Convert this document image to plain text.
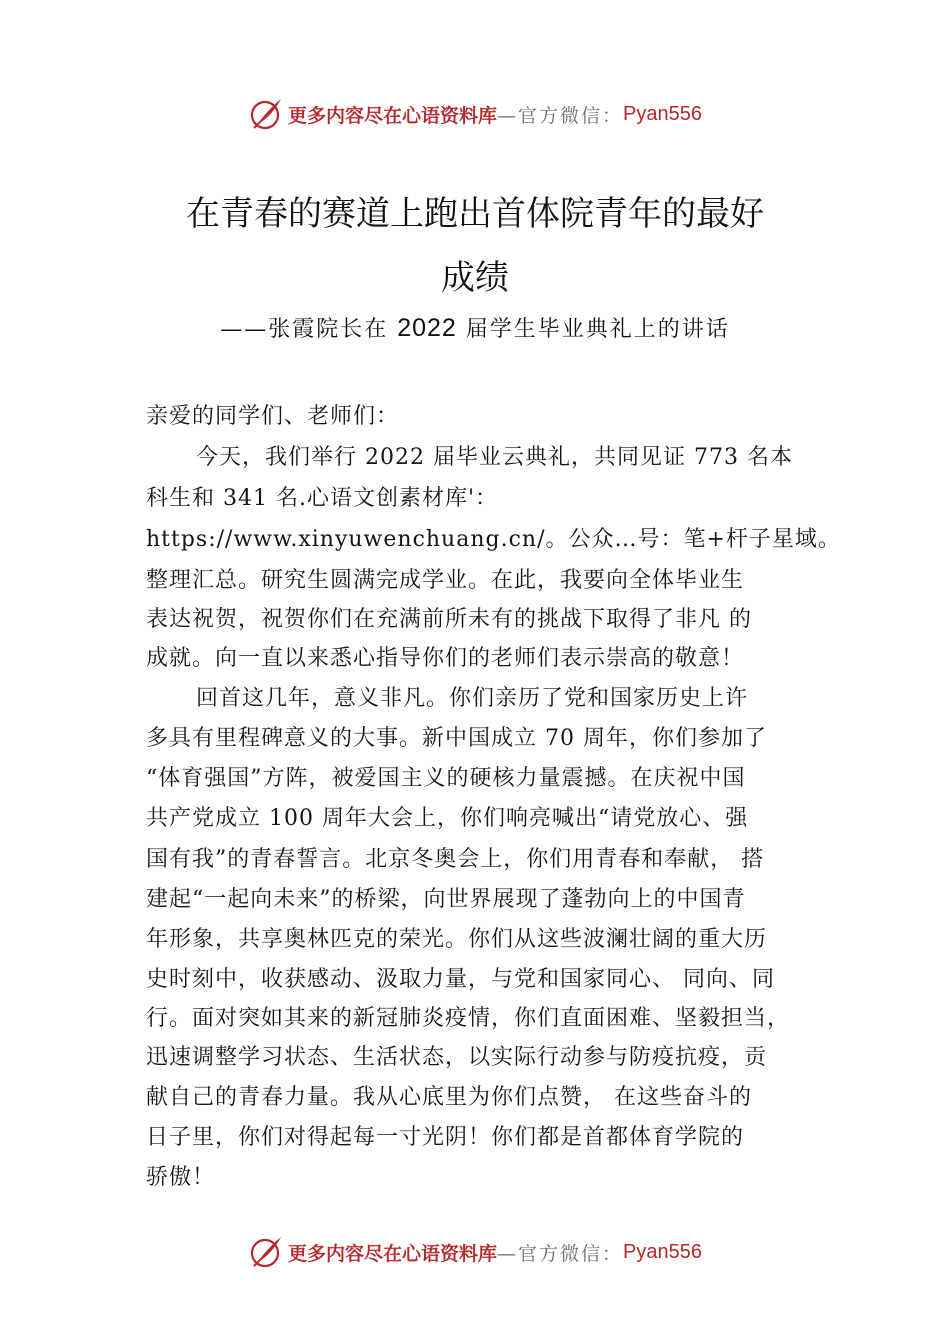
更多内容尽在心语资料库 —官方微信： Pyan556
在青春的赛道上跑出首体院青年的最好
成绩
——张霞院长在 2022 届学生毕业典礼上的讲话
亲爱的同学们、老师们：
今天，我们举行 2022 届毕业云典礼，共同见证 773 名本
科生和 341 名.心语文创素材库'：
https://www.xinyuwenchuang.cn/。公众…号：笔+杆子星域。
整理汇总。研究生圆满完成学业。在此，我要向全体毕业生
表达祝贺，祝贺你们在充满前所未有的挑战下取得了非凡 的
成就。向一直以来悉心指导你们的老师们表示崇高的敬意！
回首这几年，意义非凡。你们亲历了党和国家历史上许
多具有里程碑意义的大事。新中国成立 70 周年，你们参加了
“体育强国”方阵，被爱国主义的硬核力量震撼。在庆祝中国
共产党成立 100 周年大会上，你们响亮喊出“请党放心、强
国有我”的青春誓言。北京冬奥会上，你们用青春和奉献， 搭
建起“一起向未来”的桥梁，向世界展现了蓬勃向上的中国青
年形象，共享奥林匹克的荣光。你们从这些波澜壮阔的重大历
史时刻中，收获感动、汲取力量，与党和国家同心、 同向、同
行。面对突如其来的新冠肺炎疫情，你们直面困难、坚毅担当，
迅速调整学习状态、生活状态，以实际行动参与防疫抗疫，贡
献自己的青春力量。我从心底里为你们点赞， 在这些奋斗的
日子里，你们对得起每一寸光阴！你们都是首都体育学院的
骄傲！
更多内容尽在心语资料库 —官方微信： Pyan556
